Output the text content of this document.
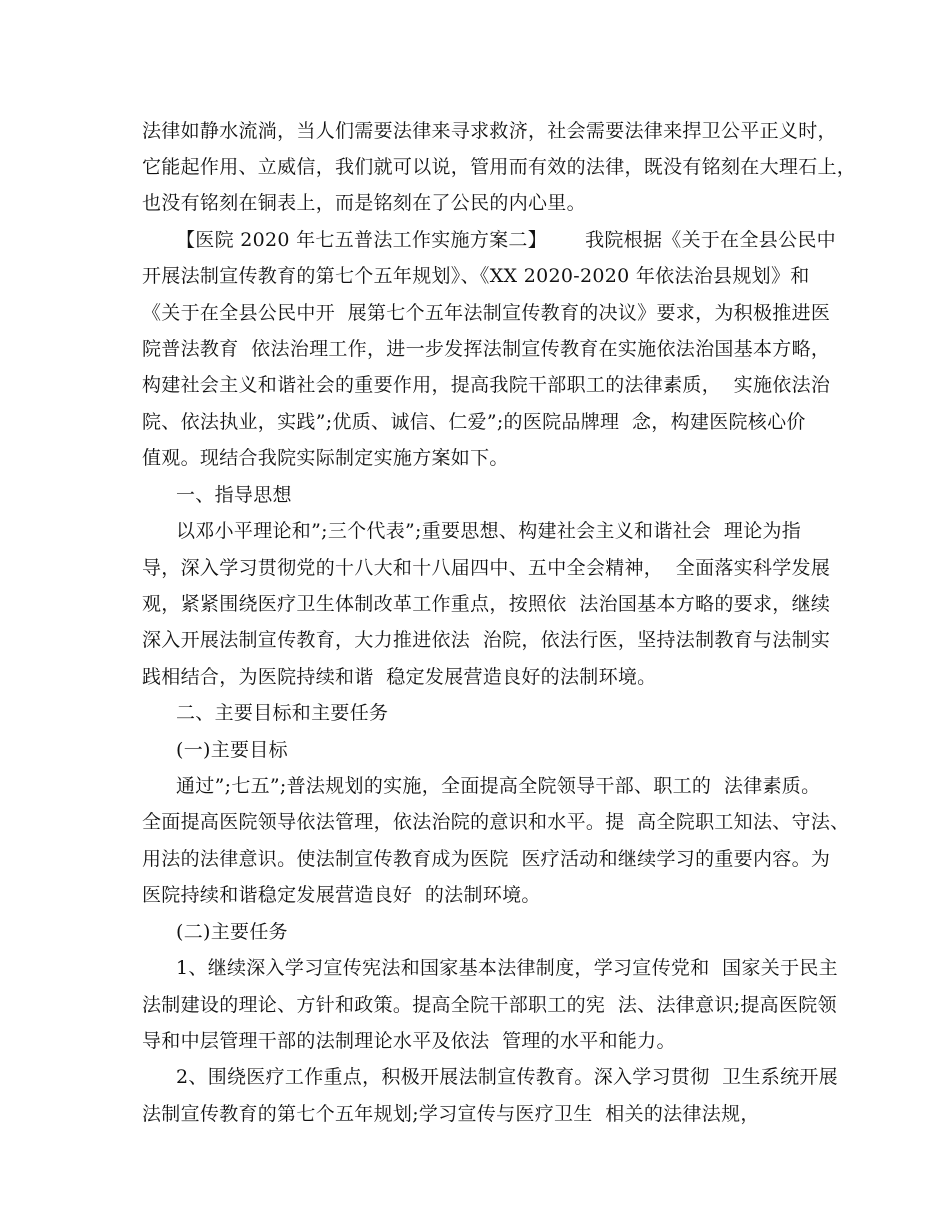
法律如静水流淌，当人们需要法律来寻求救济，社会需要法律来捍卫公平正义时，
它能起作用、立威信，我们就可以说，管用而有效的法律，既没有铭刻在大理石上，
也没有铭刻在铜表上，而是铭刻在了公民的内心里。
【医院 2020 年七五普法工作实施方案二】      我院根据《关于在全县公民中
开展法制宣传教育的第七个五年规划》、《XX 2020-2020 年依法治县规划》和
《关于在全县公民中开  展第七个五年法制宣传教育的决议》要求，为积极推进医
院普法教育  依法治理工作，进一步发挥法制宣传教育在实施依法治国基本方略，
构建社会主义和谐社会的重要作用，提高我院干部职工的法律素质，  实施依法治
院、依法执业，实践”;优质、诚信、仁爱”;的医院品牌理  念，构建医院核心价
值观。现结合我院实际制定实施方案如下。
一、指导思想
以邓小平理论和”;三个代表”;重要思想、构建社会主义和谐社会  理论为指
导，深入学习贯彻党的十八大和十八届四中、五中全会精神，  全面落实科学发展
观，紧紧围绕医疗卫生体制改革工作重点，按照依  法治国基本方略的要求，继续
深入开展法制宣传教育，大力推进依法  治院，依法行医，坚持法制教育与法制实
践相结合，为医院持续和谐  稳定发展营造良好的法制环境。
二、主要目标和主要任务
(一)主要目标
通过”;七五”;普法规划的实施，全面提高全院领导干部、职工的  法律素质。
全面提高医院领导依法管理，依法治院的意识和水平。提  高全院职工知法、守法、
用法的法律意识。使法制宣传教育成为医院  医疗活动和继续学习的重要内容。为
医院持续和谐稳定发展营造良好  的法制环境。
(二)主要任务
1、继续深入学习宣传宪法和国家基本法律制度，学习宣传党和  国家关于民主
法制建设的理论、方针和政策。提高全院干部职工的宪  法、法律意识;提高医院领
导和中层管理干部的法制理论水平及依法  管理的水平和能力。
2、围绕医疗工作重点，积极开展法制宣传教育。深入学习贯彻  卫生系统开展
法制宣传教育的第七个五年规划;学习宣传与医疗卫生  相关的法律法规，
